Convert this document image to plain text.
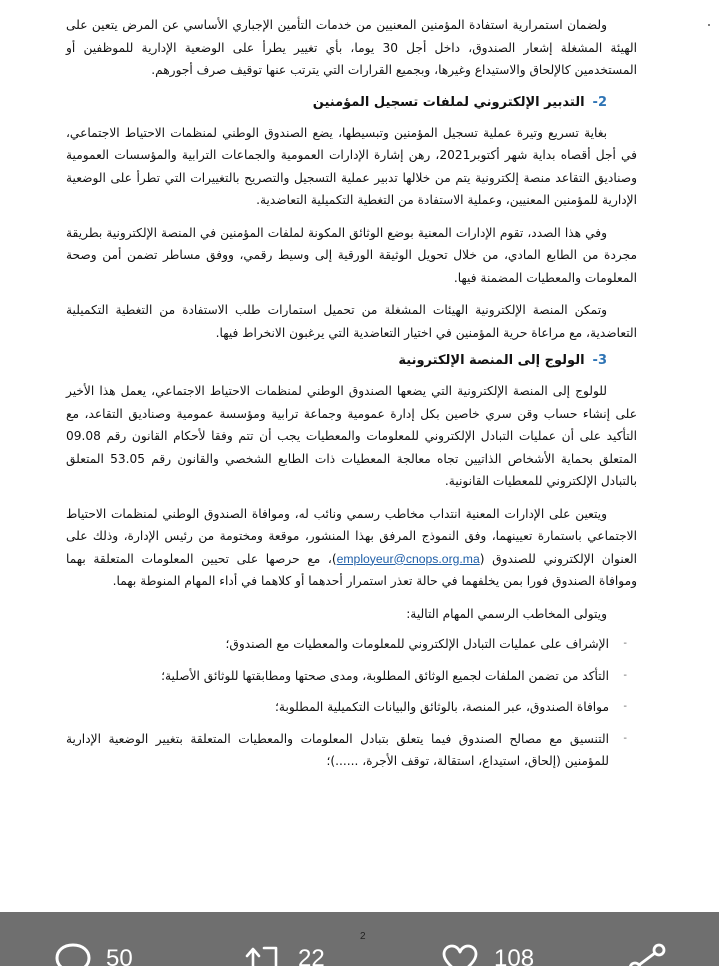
ولضمان استمرارية استفادة المؤمنين المعنيين من خدمات التأمين الإجباري الأساسي عن المرض يتعين على الهيئة المشغلة إشعار الصندوق، داخل أجل 30 يوما، بأي تغيير يطرأ على الوضعية الإدارية للموظفين أو المستخدمين كالإلحاق والاستيداع وغيرها، وبجميع القرارات التي يترتب عنها توقيف صرف أجورهم.

-2التدبير الإلكتروني لملفات تسجيل المؤمنين

بغاية تسريع وتيرة عملية تسجيل المؤمنين وتبسيطها، يضع الصندوق الوطني لمنظمات الاحتياط الاجتماعي، في أجل أقصاه بداية شهر أكتوبر2021، رهن إشارة الإدارات العمومية والجماعات الترابية والمؤسسات العمومية وصناديق التقاعد منصة إلكترونية يتم من خلالها تدبير عملية التسجيل والتصريح بالتغييرات التي تطرأ على الوضعية الإدارية للمؤمنين المعنيين، وعملية الاستفادة من التغطية التكميلية التعاضدية.

وفي هذا الصدد، تقوم الإدارات المعنية بوضع الوثائق المكونة لملفات المؤمنين في المنصة الإلكترونية بطريقة مجردة من الطابع المادي، من خلال تحويل الوثيقة الورقية إلى وسيط رقمي، ووفق مساطر تضمن أمن وصحة المعلومات والمعطيات المضمنة فيها.

وتمكن المنصة الإلكترونية الهيئات المشغلة من تحميل استمارات طلب الاستفادة من التغطية التكميلية التعاضدية، مع مراعاة حرية المؤمنين في اختيار التعاضدية التي يرغبون الانخراط فيها.

-3الولوج إلى المنصة الإلكترونية

للولوج إلى المنصة الإلكترونية التي يضعها الصندوق الوطني لمنظمات الاحتياط الاجتماعي، يعمل هذا الأخير على إنشاء حساب وقن سري خاصين بكل إدارة عمومية وجماعة ترابية ومؤسسة عمومية وصناديق التقاعد، مع التأكيد على أن عمليات التبادل الإلكتروني للمعلومات والمعطيات يجب أن تتم وفقا لأحكام القانون رقم 09.08 المتعلق بحماية الأشخاص الذاتيين تجاه معالجة المعطيات ذات الطابع الشخصي والقانون رقم 53.05 المتعلق بالتبادل الإلكتروني للمعطيات القانونية.

ويتعين على الإدارات المعنية انتداب مخاطب رسمي ونائب له، وموافاة الصندوق الوطني لمنظمات الاحتياط الاجتماعي باستمارة تعيينهما، وفق النموذج المرفق بهذا المنشور، موقعة ومختومة من رئيس الإدارة، وذلك على العنوان الإلكتروني للصندوق (employeur@cnops.org.ma)، مع حرصها على تحيين المعلومات المتعلقة بهما وموافاة الصندوق فورا بمن يخلفهما في حالة تعذر استمرار أحدهما أو كلاهما في أداء المهام المنوطة بهما.

ويتولى المخاطب الرسمي المهام التالية:

-
الإشراف على عمليات التبادل الإلكتروني للمعلومات والمعطيات مع الصندوق؛
-
التأكد من تضمن الملفات لجميع الوثائق المطلوبة، ومدى صحتها ومطابقتها للوثائق الأصلية؛
-
موافاة الصندوق، عبر المنصة، بالوثائق والبيانات التكميلية المطلوبة؛
-
التنسيق مع مصالح الصندوق فيما يتعلق بتبادل المعلومات والمعطيات المتعلقة بتغيير الوضعية الإدارية للمؤمنين (إلحاق، استيداع، استقالة، توقف الأجرة، ......)؛
2
50	22	108
